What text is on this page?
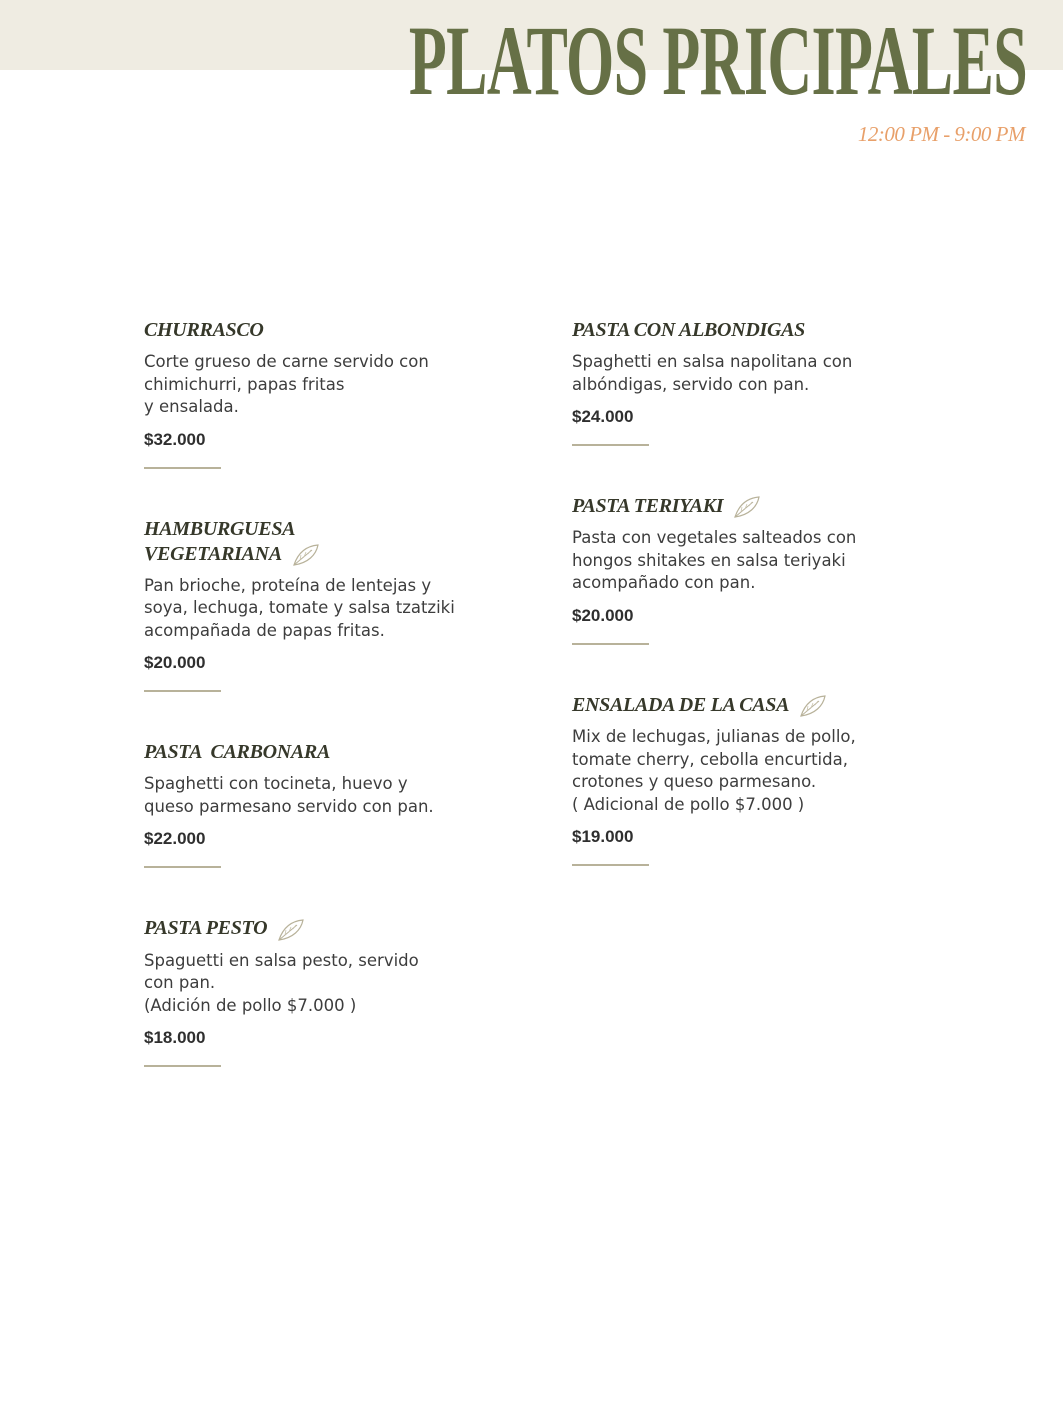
PLATOS PRICIPALES
12:00 PM - 9:00 PM
CHURRASCO

Corte grueso de carne servido con
chimichurri, papas fritas
y ensalada.

$32.000
HAMBURGUESA
VEGETARIANA

Pan brioche, proteína de lentejas y
soya, lechuga, tomate y salsa tzatziki
acompañada de papas fritas.

$20.000
PASTA  CARBONARA

Spaghetti con tocineta, huevo y
queso parmesano servido con pan.

$22.000
PASTA PESTO

Spaguetti en salsa pesto, servido
con pan.
(Adición de pollo $7.000 )

$18.000
PASTA CON ALBONDIGAS

Spaghetti en salsa napolitana con
albóndigas, servido con pan.

$24.000
PASTA TERIYAKI

Pasta con vegetales salteados con
hongos shitakes en salsa teriyaki
acompañado con pan.

$20.000
ENSALADA DE LA CASA

Mix de lechugas, julianas de pollo,
tomate cherry, cebolla encurtida,
crotones y queso parmesano.
( Adicional de pollo $7.000 )

$19.000
